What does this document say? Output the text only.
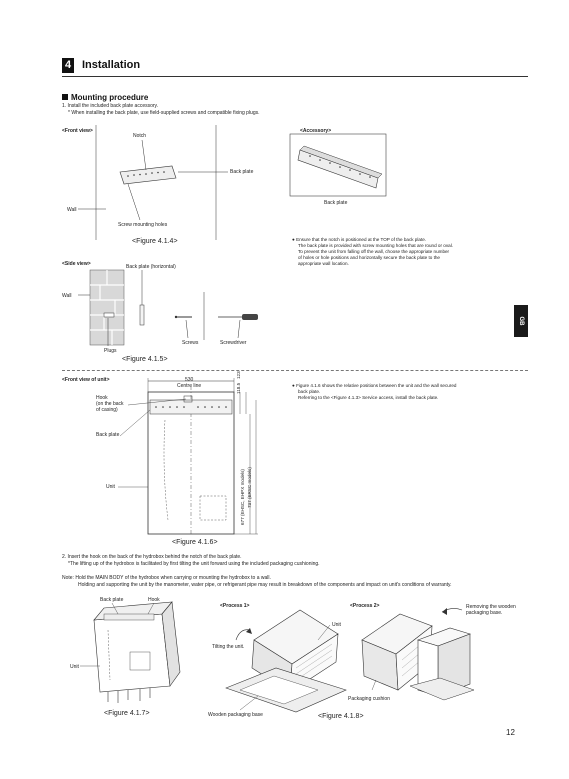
4 Installation
Mounting procedure
1. Install the included back plate accessory.
* When installing the back plate, use field-supplied screws and compatible fixing plugs.
<Front view>
Notch
Back plate
Wall
Screw mounting holes
<Figure 4.1.4>
<Accessory>
Back plate
● Ensure that the notch is positioned at the TOP of the back plate.
The back plate is provided with screw mounting holes that are round or oval.
To prevent the unit from falling off the wall, choose the appropriate number
of holes or hole positions and horizontally secure the back plate to the
appropriate wall location.
<Side view>	Back plate (horizontal)
Wall
Screws	Screwdriver
Plugs
<Figure 4.1.5>
GB
<Front view of unit>	530
Centre line
Hook
(on the back
of casing)
Back plate
Unit
118.5   123
677 (EHSC, EHPX models) 737 (ERSC models)
<Figure 4.1.6>
● Figure 4.1.6 shows the relative positions between the unit and the wall secured
back plate.
Referring to the <Figure 4.1.3> Service access, install the back plate.
2. Insert the hook on the back of the hydrobox behind the notch of the back plate.
*The lifting up of the hydrobox is facilitated by first tilting the unit forward using the included packaging cushioning.
Note: Hold the MAIN BODY of the hydrobox when carrying or mounting the hydrobox to a wall.
Holding and supporting the unit by the manometer, water pipe, or refrigerant pipe may result in breakdown of the components and impact on unit's conditions of warranty.
Back plate	Hook
Unit
<Figure 4.1.7>
<Process 1>	<Process 2>	Removing the wooden
packaging base.
Unit
Tilting the unit.
Packaging cushion
Wooden packaging base	<Figure 4.1.8>
12
